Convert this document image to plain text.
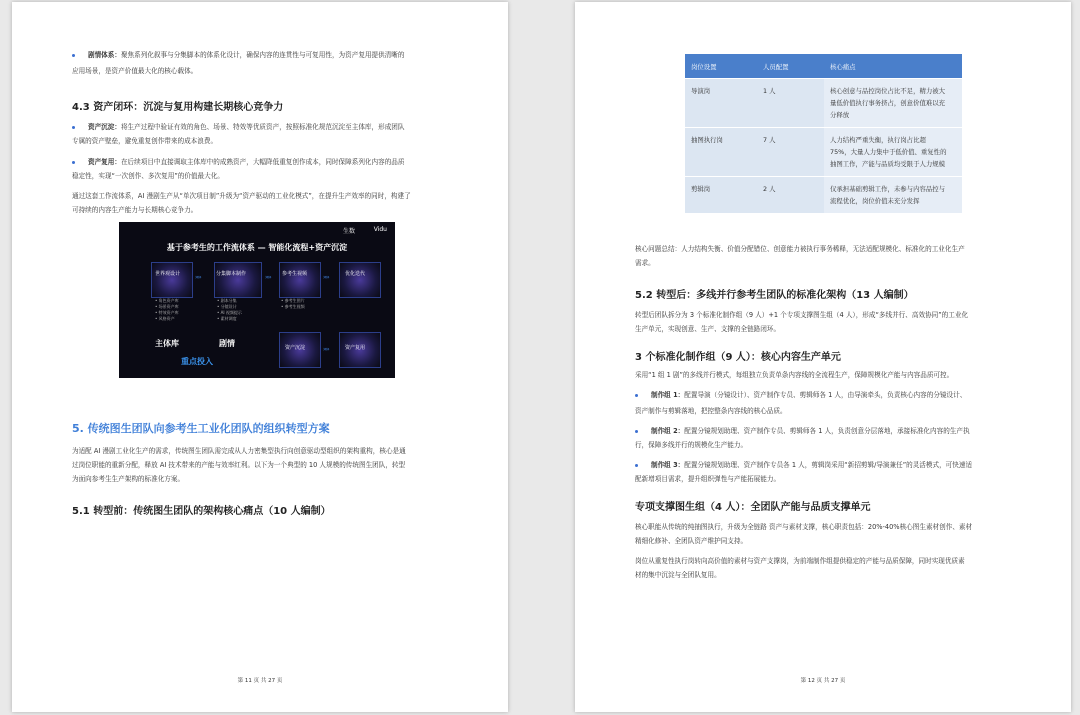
剧情体系：聚焦系列化叙事与分集脚本的体系化设计，确保内容的连贯性与可复用性，为资产复用提供清晰的

应用场景，是资产价值最大化的核心载体。
4.3 资产闭环：沉淀与复用构建长期核心竞争力
资产沉淀：将生产过程中验证有效的角色、场景、特效等优质资产，按照标准化规范沉淀至主体库，形成团队
专属的资产壁垒，避免重复创作带来的成本浪费。
资产复用：在后续项目中直接调取主体库中的成熟资产，大幅降低重复创作成本，同时保障系列化内容的品质
稳定性，实现“一次创作、多次复用”的价值最大化。
通过这套工作流体系，AI 漫剧生产从“单次项目制”升级为“资产驱动的工业化模式”，在提升生产效率的同时，构建了
可持续的内容生产能力与长期核心竞争力。
生数	Vidu
基于参考生的工作流体系 — 智能化流程+资产沉淀
世界观设计
• 角色资产库
• 场景资产库
• 特效资产库
• 风格资产
››››	分集脚本制作
• 剧本分集
• 分镜设计
• AI 视频提示
• 素材调度
›››› 参考生视频
• 参考生图片
• 参考生视频
››››	优化迭代
主体库	剧情
重点投入
资产沉淀	››››	资产复用
5. 传统图生团队向参考生工业化团队的组织转型方案
为适配 AI 漫剧工业化生产的需求，传统图生团队需完成从人力密集型执行向创意驱动型组织的架构重构，核心是通
过岗位职能的重新分配，释放 AI 技术带来的产能与效率红利。以下为一个典型的 10 人规模的传统图生团队，转型
为面向参考生生产架构的标准化方案。
5.1 转型前：传统图生团队的架构核心痛点（10 人编制）
第 11 页 共 27 页
岗位设置	人员配置	核心痛点
导演岗	1 人	核心创意与品控岗位占比不足，精力被大
量低价值执行事务挤占，创意价值难以充
分释放

抽图执行岗	7 人	人力结构严重失衡，执行岗占比超
75%，大量人力集中于低价值、重复性的
抽图工作，产能与品质均受限于人力规模

剪辑岗	2 人	仅承担基础剪辑工作，未参与内容品控与
流程优化，岗位价值未充分发挥
核心问题总结：人力结构失衡、价值分配错位、创意能力被执行事务稀释，无法适配规模化、标准化的工业化生产
需求。
5.2 转型后：多线并行参考生团队的标准化架构（13 人编制）
转型后团队拆分为 3 个标准化制作组（9 人）+1 个专项支撑图生组（4 人），形成“多线并行、高效协同”的工业化
生产单元，实现创意、生产、支撑的全链路闭环。
3 个标准化制作组（9 人）：核心内容生产单元
采用“1 组 1 剧”的多线并行模式，每组独立负责单条内容线的全流程生产，保障规模化产能与内容品质可控。
制作组 1：配置导演（分镜设计）、资产制作专员、剪辑师各 1 人，由导演牵头，负责核心内容的分镜设计、
资产制作与剪辑落地，把控整条内容线的核心品质。
制作组 2：配置分镜规划助理、资产制作专员、剪辑师各 1 人，负责创意分层落地，承接标准化内容的生产执
行，保障多线并行的规模化生产能力。
制作组 3：配置分镜规划助理、资产制作专员各 1 人，剪辑岗采用“新招剪辑/导演兼任”的灵活模式，可快速适
配新增项目需求，提升组织弹性与产能拓展能力。
专项支撑图生组（4 人）：全团队产能与品质支撑单元
核心职能从传统的纯抽图执行，升级为全链路 资产与素材支撑，核心职责包括：20%-40%核心图生素材创作、素材
精细化修补、全团队资产维护同支持。
岗位从重复性执行岗转向高价值的素材与资产支撑岗，为前端制作组提供稳定的产能与品质保障，同时实现优质素
材的集中沉淀与全团队复用。
第 12 页 共 27 页
